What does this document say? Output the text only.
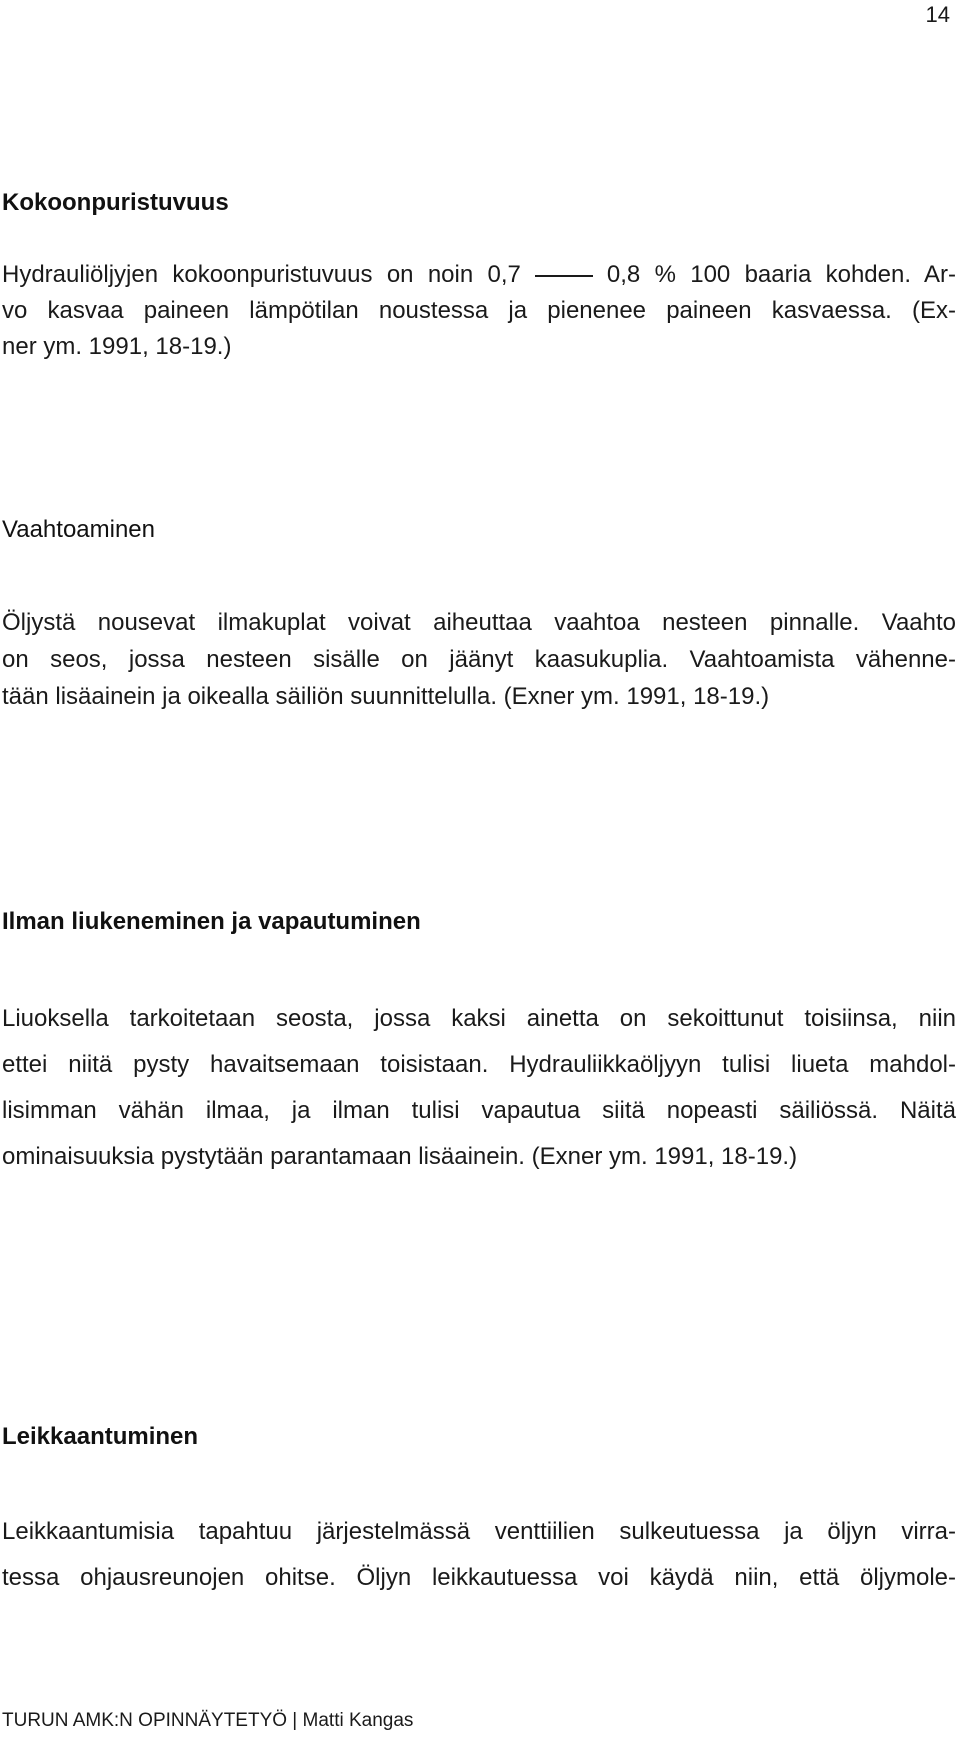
14
Kokoonpuristuvuus
Hydrauliöljyjen kokoonpuristuvuus on noin 0,7	0,8 % 100 baaria kohden. Ar-
vo kasvaa paineen lämpötilan noustessa ja pienenee paineen kasvaessa. (Ex-
ner ym. 1991, 18-19.)
Vaahtoaminen
Öljystä nousevat ilmakuplat voivat aiheuttaa vaahtoa nesteen pinnalle. Vaahto
on seos, jossa nesteen sisälle on jäänyt kaasukuplia. Vaahtoamista vähenne-
tään lisäainein ja oikealla säiliön suunnittelulla. (Exner ym. 1991, 18-19.)
Ilman liukeneminen ja vapautuminen
Liuoksella tarkoitetaan seosta, jossa kaksi ainetta on sekoittunut toisiinsa, niin
ettei niitä pysty havaitsemaan toisistaan. Hydrauliikkaöljyyn tulisi liueta mahdol-
lisimman vähän ilmaa, ja ilman tulisi vapautua siitä nopeasti säiliössä. Näitä
ominaisuuksia pystytään parantamaan lisäainein. (Exner ym. 1991, 18-19.)
Leikkaantuminen
Leikkaantumisia tapahtuu järjestelmässä venttiilien sulkeutuessa ja öljyn virra-
tessa ohjausreunojen ohitse. Öljyn leikkautuessa voi käydä niin, että öljymole-
TURUN AMK:N OPINNÄYTETYÖ | Matti Kangas
